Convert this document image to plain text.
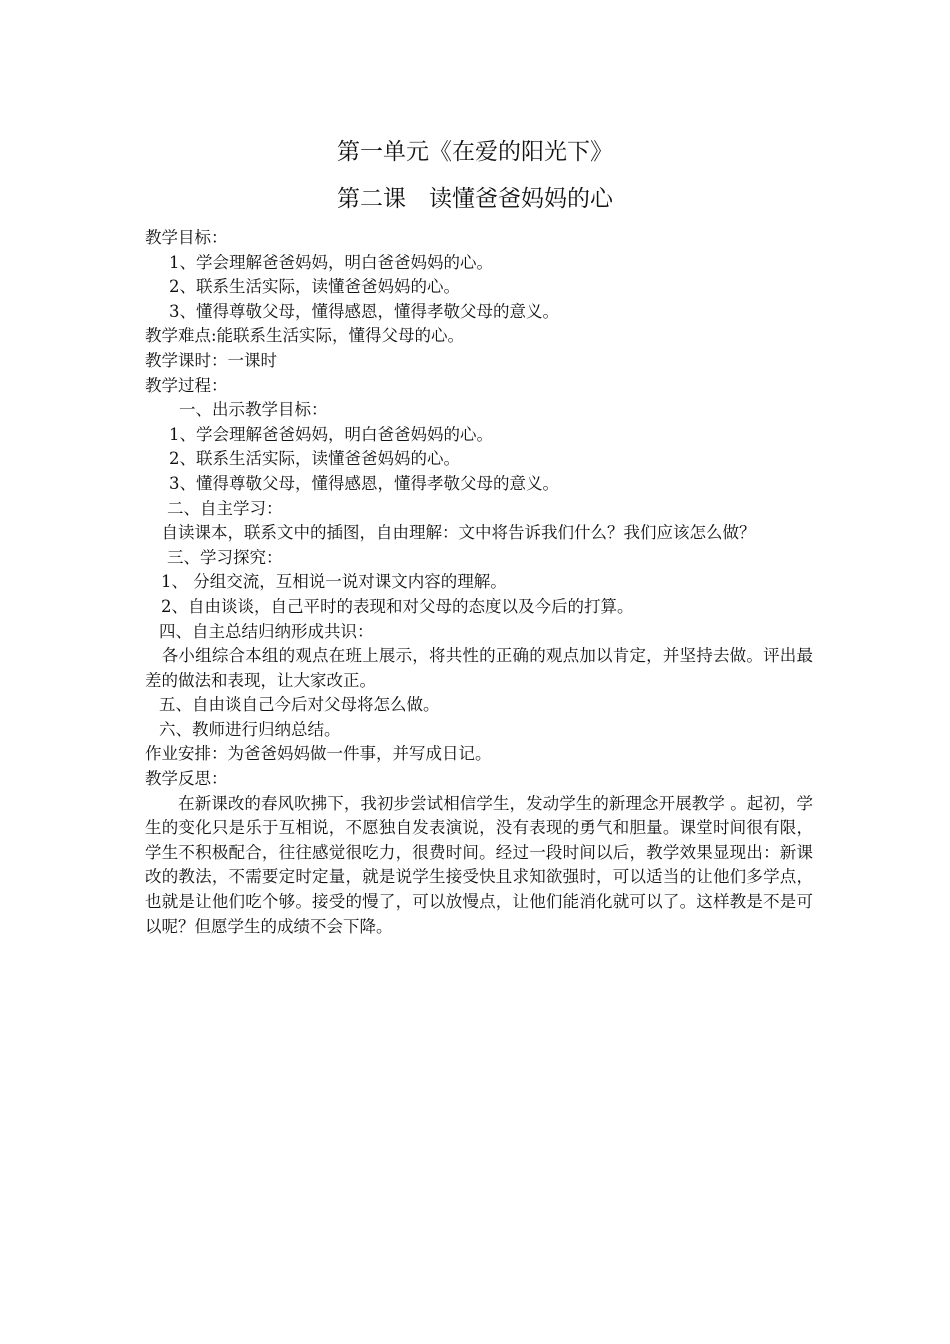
第一单元《在爱的阳光下》
第二课　读懂爸爸妈妈的心
教学目标：
1、学会理解爸爸妈妈，明白爸爸妈妈的心。
2、联系生活实际，读懂爸爸妈妈的心。
3、懂得尊敬父母，懂得感恩，懂得孝敬父母的意义。
教学难点:能联系生活实际，懂得父母的心。
教学课时：一课时
教学过程：
一、出示教学目标：
1、学会理解爸爸妈妈，明白爸爸妈妈的心。
2、联系生活实际，读懂爸爸妈妈的心。
3、懂得尊敬父母，懂得感恩，懂得孝敬父母的意义。
二、自主学习：
　自读课本，联系文中的插图，自由理解：文中将告诉我们什么？我们应该怎么做？
三、学习探究：
1、 分组交流，互相说一说对课文内容的理解。
2、自由谈谈，自己平时的表现和对父母的态度以及今后的打算。
四、自主总结归纳形成共识：
　各小组综合本组的观点在班上展示，将共性的正确的观点加以肯定，并坚持去做。评出最差的做法和表现，让大家改正。
五、自由谈自己今后对父母将怎么做。
六、教师进行归纳总结。
作业安排：为爸爸妈妈做一件事，并写成日记。
教学反思：
　　在新课改的春风吹拂下，我初步尝试相信学生，发动学生的新理念开展教学 。起初，学生的变化只是乐于互相说，不愿独自发表演说，没有表现的勇气和胆量。课堂时间很有限，学生不积极配合，往往感觉很吃力，很费时间。经过一段时间以后，教学效果显现出：新课改的教法，不需要定时定量，就是说学生接受快且求知欲强时，可以适当的让他们多学点，也就是让他们吃个够。接受的慢了，可以放慢点，让他们能消化就可以了。这样教是不是可以呢？但愿学生的成绩不会下降。
